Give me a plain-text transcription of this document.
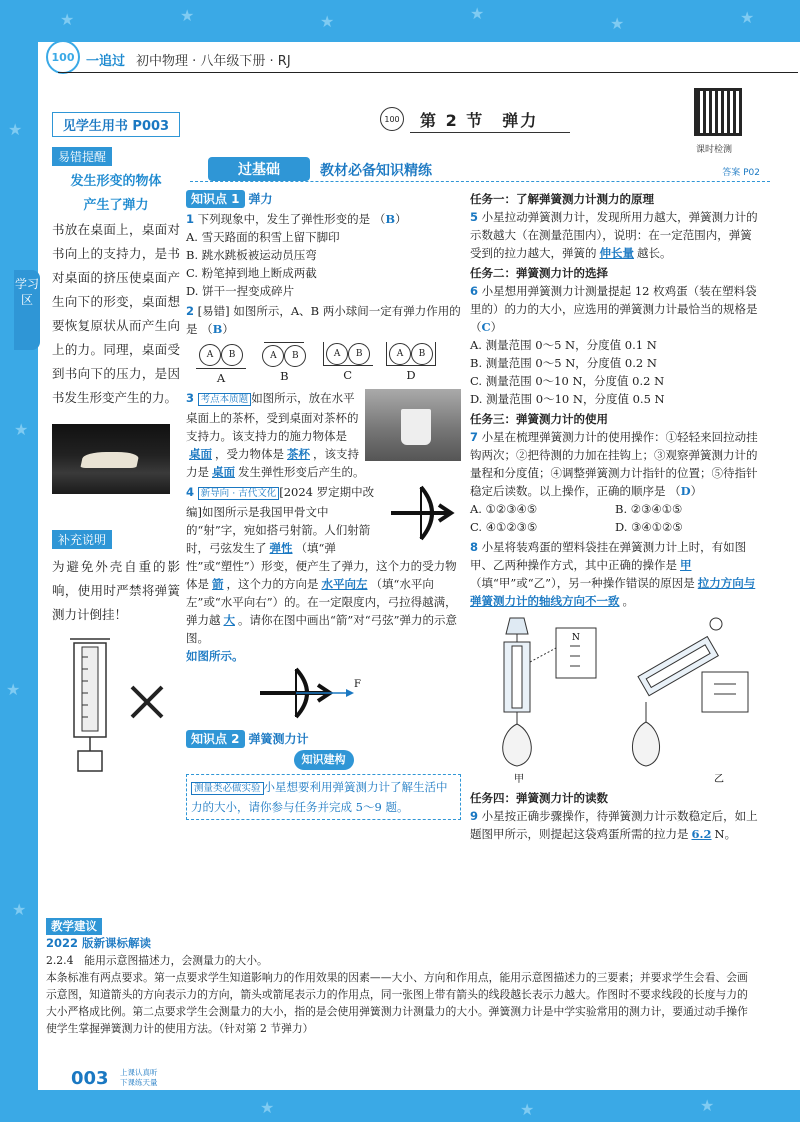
★	★	★	★
★	★
★
★
★
★
★	★	★
100 一追过 初中物理 · 八年级下册 · RJ
学习区
100 第 2 节　弹力
课时检测
过基础	教材必备知识精练	答案 P02
见学生用书 P003
易错提醒
发生形变的物体
产生了弹力
书放在桌面上，桌面对书向上的支持力，是书对桌面的挤压使桌面产生向下的形变，桌面想要恢复原状从而产生向上的力。同理，桌面受到书向下的压力，是因书发生形变产生的力。
补充说明
为避免外壳自重的影响，使用时严禁将弹簧测力计倒挂！
知识点 1 弹力
1 下列现象中，发生了弹性形变的是 （B）
A. 雪天路面的积雪上留下脚印
B. 跳水跳板被运动员压弯
C. 粉笔掉到地上断成两截
D. 饼干一捏变成碎片
2 [易错] 如图所示，A、B 两小球间一定有弹力作用的是 （B）
A	B
A
A	B
B
A	B
C
A	B
D
3 考点本质题 如图所示，放在水平桌面上的茶杯，受到桌面对茶杯的支持力。该支持力的施力物体是桌面 ，受力物体是 茶杯 ，该支持力是 桌面 发生弹性形变后产生的。
4 新导向 · 古代文化 [2024 罗定期中改编]如图所示是我国甲骨文中的“射”字，宛如搭弓射箭。人们射箭时，弓弦发生了 弹性 （填“弹性”或“塑性”）形变，便产生了弹力，这个力的受力物体是 箭 ，这个力的方向是 水平向左 （填“水平向左”或“水平向右”）的。在一定限度内，弓拉得越满，弹力越 大 。请你在图中画出“箭”对“弓弦”弹力的示意图。
如图所示。
F
知识点 2 弹簧测力计
知识建构
测量类必做实验 小星想要利用弹簧测力计了解生活中力的大小，请你参与任务并完成 5～9 题。
任务一：了解弹簧测力计测力的原理
5 小星拉动弹簧测力计，发现所用力越大，弹簧测力计的示数越大（在测量范围内），说明：在一定范围内，弹簧受到的拉力越大，弹簧的 伸长量 越长。
任务二：弹簧测力计的选择
6 小星想用弹簧测力计测量提起 12 枚鸡蛋（装在塑料袋里的）的力的大小，应选用的弹簧测力计最恰当的规格是 （C）
A. 测量范围 0～5 N，分度值 0.1 N
B. 测量范围 0～5 N，分度值 0.2 N
C. 测量范围 0～10 N，分度值 0.2 N
D. 测量范围 0～10 N，分度值 0.5 N
任务三：弹簧测力计的使用
7 小星在梳理弹簧测力计的使用操作：①轻轻来回拉动挂钩两次；②把待测的力加在挂钩上；③观察弹簧测力计的量程和分度值；④调整弹簧测力计指针的位置；⑤待指针稳定后读数。以上操作，正确的顺序是 （D）
A. ①②③④⑤	B. ②③④①⑤
C. ④①②③⑤	D. ③④①②⑤
8 小星将装鸡蛋的塑料袋挂在弹簧测力计上时，有如图甲、乙两种操作方式，其中正确的操作是 甲（填“甲”或“乙”），另一种操作错误的原因是 拉力方向与弹簧测力计的轴线方向不一致 。
N
甲	乙
任务四：弹簧测力计的读数
9 小星按正确步骤操作，待弹簧测力计示数稳定后，如上题图甲所示，则提起这袋鸡蛋所需的拉力是 6.2 N。
教学建议
2022 版新课标解读
2.2.4　能用示意图描述力，会测量力的大小。
本条标准有两点要求。第一点要求学生知道影响力的作用效果的因素——大小、方向和作用点，能用示意图描述力的三要素；并要求学生会看、会画示意图，知道箭头的方向表示力的方向，箭头或箭尾表示力的作用点，同一张图上带有箭头的线段越长表示力越大。作图时不要求线段的长度与力的大小严格成比例。第二点要求学生会测量力的大小，指的是会使用弹簧测力计测量力的大小。弹簧测力计是中学实验常用的测力计，要通过动手操作使学生掌握弹簧测力计的使用方法。（针对第 2 节弹力）
003	上课认真听
下课练天量
